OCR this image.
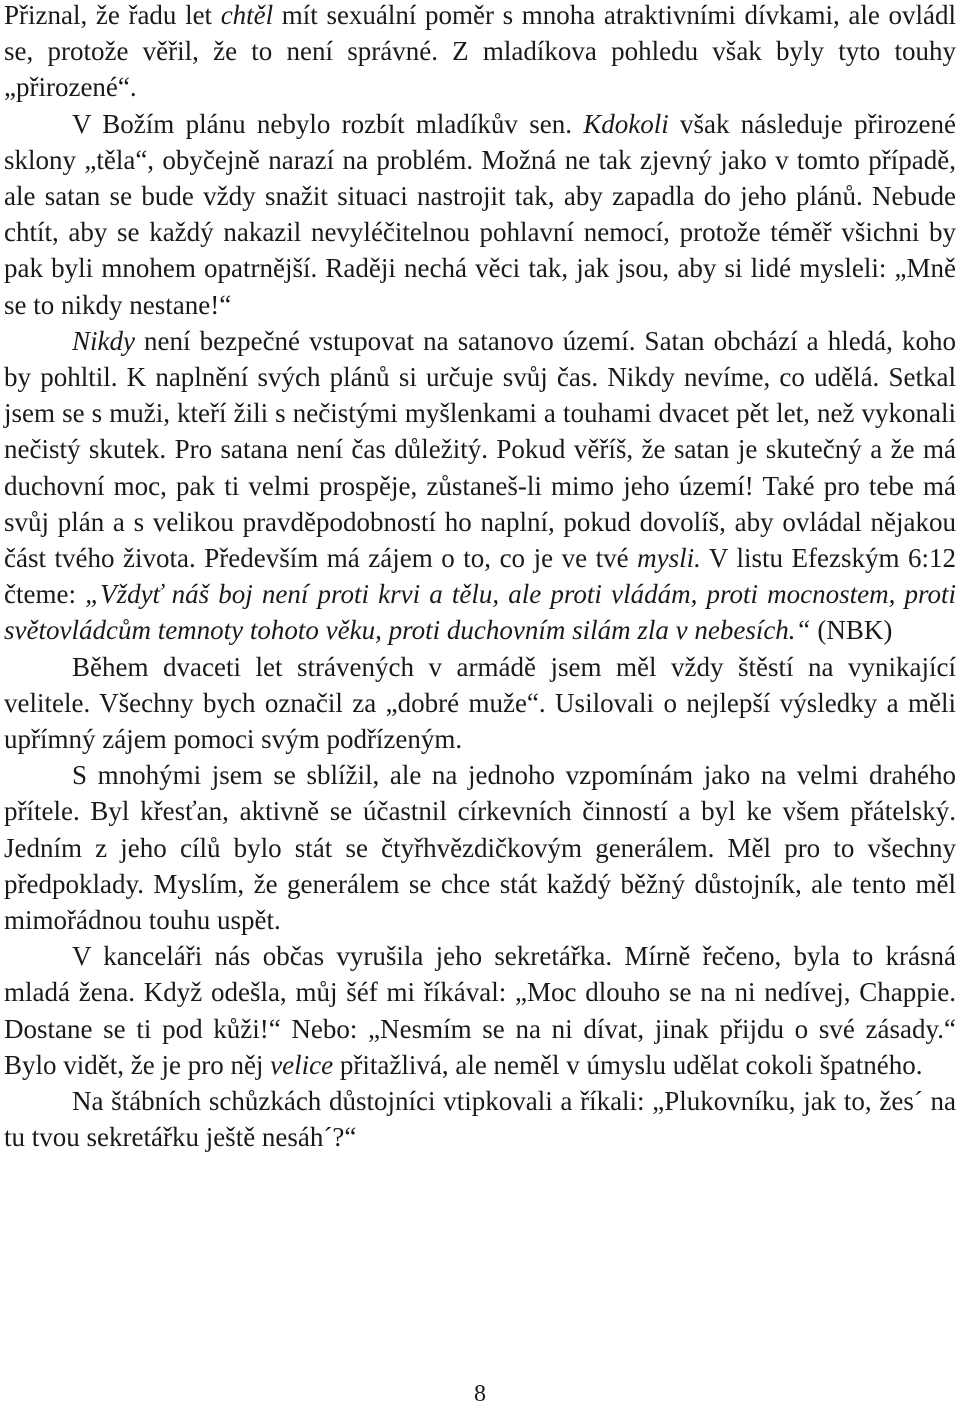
Přiznal, že řadu let chtěl mít sexuální poměr s mnoha atraktivními dívkami, ale ovládl se, protože věřil, že to není správné. Z mladíkova pohledu však byly tyto touhy „přirozené“.

V Božím plánu nebylo rozbít mladíkův sen. Kdokoli však následuje přirozené sklony „těla“, obyčejně narazí na problém. Možná ne tak zjevný jako v tomto případě, ale satan se bude vždy snažit situaci nastrojit tak, aby zapadla do jeho plánů. Nebude chtít, aby se každý nakazil nevyléčitelnou pohlavní nemocí, protože téměř všichni by pak byli mnohem opatrnější. Raději nechá věci tak, jak jsou, aby si lidé mysleli: „Mně se to nikdy nestane!“

Nikdy není bezpečné vstupovat na satanovo území. Satan obchází a hledá, koho by pohltil. K naplnění svých plánů si určuje svůj čas. Nikdy nevíme, co udělá. Setkal jsem se s muži, kteří žili s nečistými myšlenkami a touhami dvacet pět let, než vykonali nečistý skutek. Pro satana není čas důležitý. Pokud věříš, že satan je skutečný a že má duchovní moc, pak ti velmi prospěje, zůstaneš-li mimo jeho území! Také pro tebe má svůj plán a s velikou pravděpodobností ho naplní, pokud dovolíš, aby ovládal nějakou část tvého života. Především má zájem o to, co je ve tvé mysli. V listu Efezským 6:12 čteme: „Vždyť náš boj není proti krvi a tělu, ale proti vládám, proti mocnostem, proti světovládcům temnoty tohoto věku, proti duchovním silám zla v nebesích.“ (NBK)

Během dvaceti let strávených v armádě jsem měl vždy štěstí na vynikající velitele. Všechny bych označil za „dobré muže“. Usilovali o nejlepší výsledky a měli upřímný zájem pomoci svým podřízeným.

S mnohými jsem se sblížil, ale na jednoho vzpomínám jako na velmi drahého přítele. Byl křesťan, aktivně se účastnil církevních činností a byl ke všem přátelský. Jedním z jeho cílů bylo stát se čtyřhvězdičkovým generálem. Měl pro to všechny předpoklady. Myslím, že generálem se chce stát každý běžný důstojník, ale tento měl mimořádnou touhu uspět.

V kanceláři nás občas vyrušila jeho sekretářka. Mírně řečeno, byla to krásná mladá žena. Když odešla, můj šéf mi říkával: „Moc dlouho se na ni nedívej, Chappie. Dostane se ti pod kůži!“ Nebo: „Nesmím se na ni dívat, jinak přijdu o své zásady.“ Bylo vidět, že je pro něj velice přitažlivá, ale neměl v úmyslu udělat cokoli špatného.

Na štábních schůzkách důstojníci vtipkovali a říkali: „Plukovníku, jak to, žes´ na tu tvou sekretářku ještě nesáh´?“

8
